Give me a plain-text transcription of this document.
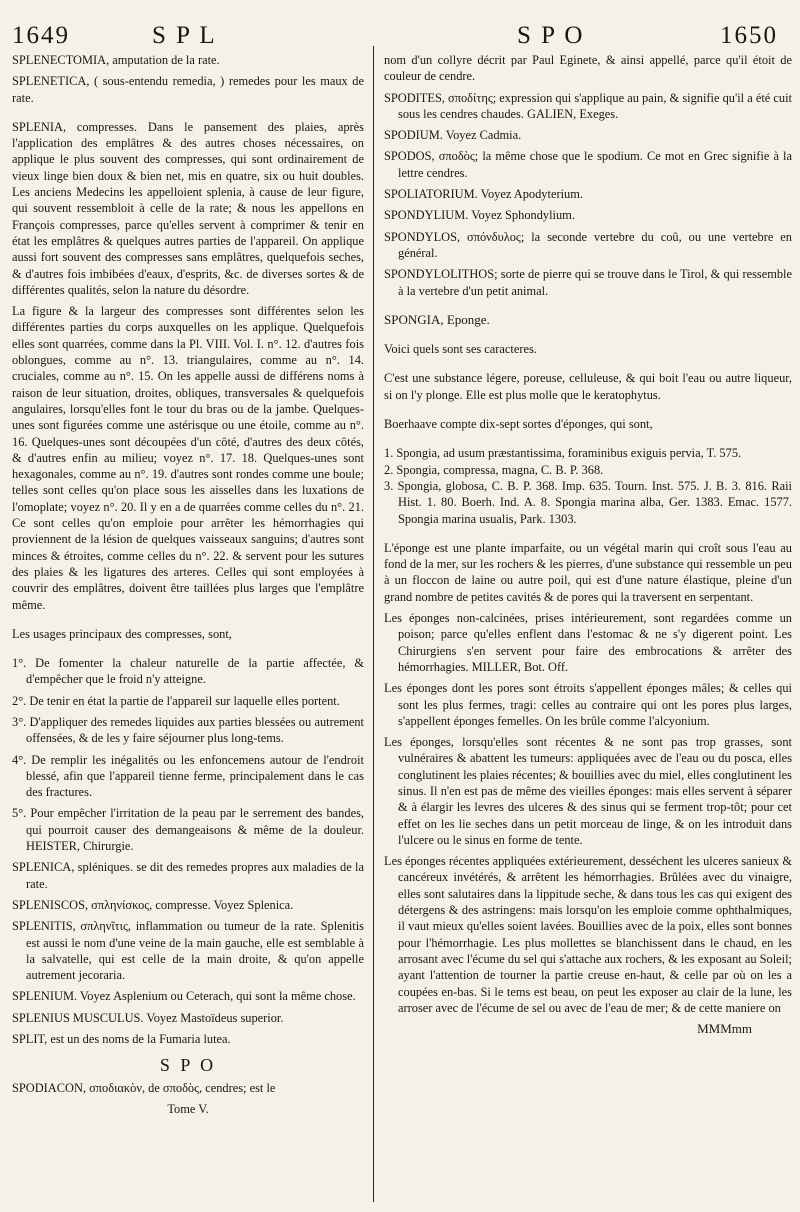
1649	S P L	S P O	1650

SPLENECTOMIA, amputation de la rate.

SPLENETICA, ( sous-entendu remedia, ) remedes pour les maux de rate.

SPLENIA, compresses. Dans le pansement des plaies, après l'application des emplâtres & des autres choses nécessaires, on applique le plus souvent des compresses, qui sont ordinairement de vieux linge bien doux & bien net, mis en quatre, six ou huit doubles. Les anciens Medecins les appelloient splenia, à cause de leur figure, qui souvent ressembloit à celle de la rate; & nous les appellons en François compresses, parce qu'elles servent à comprimer & tenir en état les emplâtres & quelques autres parties de l'appareil. On applique aussi fort souvent des compresses sans emplâtres, quelquefois seches, & d'autres fois imbibées d'eaux, d'esprits, &c. de diverses sortes & de différentes qualités, selon la nature du désordre.

La figure & la largeur des compresses sont différentes selon les différentes parties du corps auxquelles on les applique. Quelquefois elles sont quarrées, comme dans la Pl. VIII. Vol. I. n°. 12. d'autres fois oblongues, comme au n°. 13. triangulaires, comme au n°. 14. cruciales, comme au n°. 15. On les appelle aussi de différens noms à raison de leur situation, droites, obliques, transversales & quelquefois angulaires, lorsqu'elles font le tour du bras ou de la jambe. Quelques-unes sont figurées comme une astérisque ou une étoile, comme au n°. 16. Quelques-unes sont découpées d'un côté, d'autres des deux côtés, & d'autres enfin au milieu; voyez n°. 17. 18. Quelques-unes sont hexagonales, comme au n°. 19. d'autres sont rondes comme une boule; telles sont celles qu'on place sous les aisselles dans les luxations de l'omoplate; voyez n°. 20. Il y en a de quarrées comme celles du n°. 21. Ce sont celles qu'on emploie pour arrêter les hémorrhagies qui proviennent de la lésion de quelques vaisseaux sanguins; d'autres sont minces & étroites, comme celles du n°. 22. & servent pour les sutures des plaies & les ligatures des arteres. Celles qui sont employées à couvrir des emplâtres, doivent être taillées plus larges que l'emplâtre même.

Les usages principaux des compresses, sont,

1°. De fomenter la chaleur naturelle de la partie affectée, & d'empêcher que le froid n'y atteigne.

2°. De tenir en état la partie de l'appareil sur laquelle elles portent.

3°. D'appliquer des remedes liquides aux parties blessées ou autrement offensées, & de les y faire séjourner plus long-tems.

4°. De remplir les inégalités ou les enfoncemens autour de l'endroit blessé, afin que l'appareil tienne ferme, principalement dans le cas des fractures.

5°. Pour empêcher l'irritation de la peau par le serrement des bandes, qui pourroit causer des demangeaisons & même de la douleur. HEISTER, Chirurgie.

SPLENICA, spléniques. se dit des remedes propres aux maladies de la rate.

SPLENISCOS, σπληνίσκος, compresse. Voyez Splenica.

SPLENITIS, σπληνῖτις, inflammation ou tumeur de la rate. Splenitis est aussi le nom d'une veine de la main gauche, elle est semblable à la salvatelle, qui est celle de la main droite, & qu'on appelle autrement jecoraria.

SPLENIUM. Voyez Asplenium ou Ceterach, qui sont la même chose.

SPLENIUS MUSCULUS. Voyez Mastoïdeus superior.

SPLIT, est un des noms de la Fumaria lutea.

S P O

SPODIACON, σποδιακὸν, de σποδὸς, cendres; est le

Tome V.

nom d'un collyre décrit par Paul Eginete, & ainsi appellé, parce qu'il étoit de couleur de cendre.

SPODITES, σποδίτης; expression qui s'applique au pain, & signifie qu'il a été cuit sous les cendres chaudes. GALIEN, Exeges.

SPODIUM. Voyez Cadmia.

SPODOS, σποδὸς; la même chose que le spodium. Ce mot en Grec signifie à la lettre cendres.

SPOLIATORIUM. Voyez Apodyterium.

SPONDYLIUM. Voyez Sphondylium.

SPONDYLOS, σπόνδυλος; la seconde vertebre du coû, ou une vertebre en général.

SPONDYLOLITHOS; sorte de pierre qui se trouve dans le Tirol, & qui ressemble à la vertebre d'un petit animal.

SPONGIA, Eponge.

Voici quels sont ses caracteres.

C'est une substance légere, poreuse, celluleuse, & qui boit l'eau ou autre liqueur, si on l'y plonge. Elle est plus molle que le keratophytus.

Boerhaave compte dix-sept sortes d'éponges, qui sont,

1. Spongia, ad usum præstantissima, foraminibus exiguis pervia, T. 575.

2. Spongia, compressa, magna, C. B. P. 368.

3. Spongia, globosa, C. B. P. 368. Imp. 635. Tourn. Inst. 575. J. B. 3. 816. Raii Hist. 1. 80. Boerh. Ind. A. 8. Spongia marina alba, Ger. 1383. Emac. 1577. Spongia marina usualis, Park. 1303.

L'éponge est une plante imparfaite, ou un végétal marin qui croît sous l'eau au fond de la mer, sur les rochers & les pierres, d'une substance qui ressemble un peu à un floccon de laine ou autre poil, qui est d'une nature élastique, pleine d'un grand nombre de petites cavités & de pores qui la traversent en serpentant.

Les éponges non-calcinées, prises intérieurement, sont regardées comme un poison; parce qu'elles enflent dans l'estomac & ne s'y digerent point. Les Chirurgiens s'en servent pour faire des embrocations & arrêter des hémorrhagies. MILLER, Bot. Off.

Les éponges dont les pores sont étroits s'appellent éponges mâles; & celles qui sont les plus fermes, tragi: celles au contraire qui ont les pores plus larges, s'appellent éponges femelles. On les brûle comme l'alcyonium.

Les éponges, lorsqu'elles sont récentes & ne sont pas trop grasses, sont vulnéraires & abattent les tumeurs: appliquées avec de l'eau ou du posca, elles conglutinent les plaies récentes; & bouillies avec du miel, elles conglutinent les sinus. Il n'en est pas de même des vieilles éponges: mais elles servent à séparer & à élargir les levres des ulceres & des sinus qui se ferment trop-tôt; pour cet effet on les lie seches dans un petit morceau de linge, & on les introduit dans l'ulcere ou le sinus en forme de tente.

Les éponges récentes appliquées extérieurement, desséchent les ulceres sanieux & cancéreux invétérés, & arrêtent les hémorrhagies. Brûlées avec du vinaigre, elles sont salutaires dans la lippitude seche, & dans tous les cas qui exigent des détergens & des astringens: mais lorsqu'on les emploie comme ophthalmiques, il vaut mieux qu'elles soient lavées. Bouillies avec de la poix, elles sont bonnes pour l'hémorrhagie. Les plus mollettes se blanchissent dans le chaud, en les arrosant avec l'écume du sel qui s'attache aux rochers, & les exposant au Soleil; ayant l'attention de tourner la partie creuse en-haut, & celle par où on les a coupées en-bas. Si le tems est beau, on peut les exposer au clair de la lune, les arroser avec de l'écume de sel ou avec de l'eau de mer; & de cette maniere on

MMMmm
